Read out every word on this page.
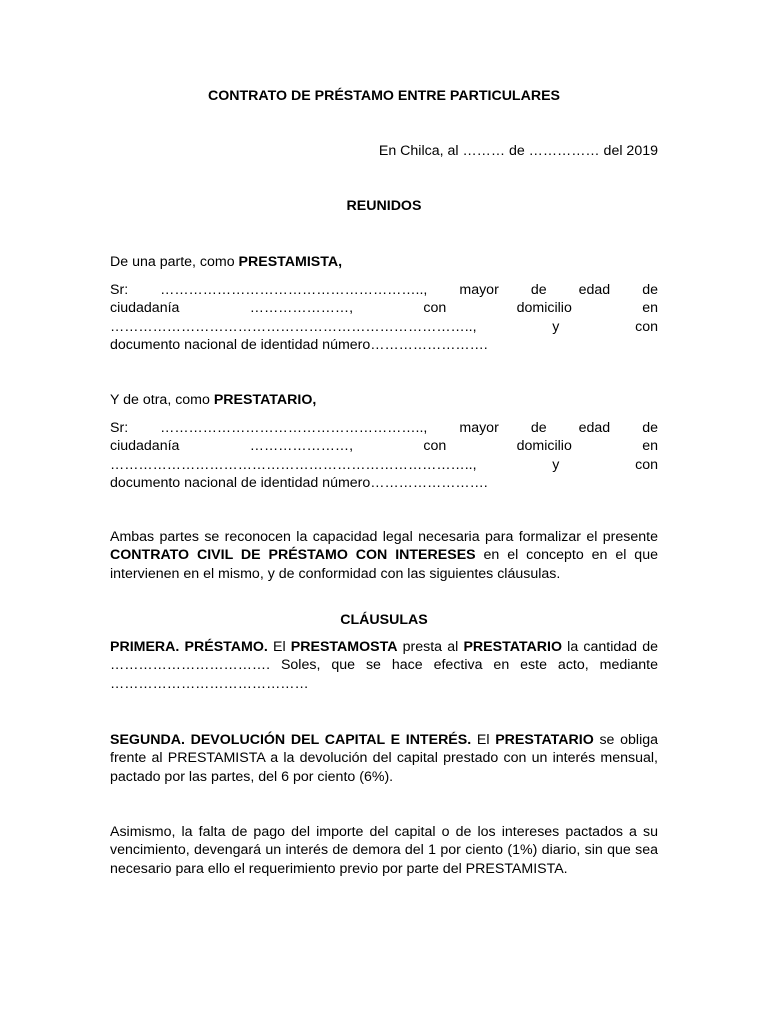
CONTRATO DE PRÉSTAMO ENTRE PARTICULARES
En Chilca, al ……… de …………… del 2019
REUNIDOS
De una parte, como PRESTAMISTA,
Sr: ……………………………………………….., mayor de edad de
ciudadanía	…………………,	con	domicilio	en
…………………………………………………………………..,	y	con
documento nacional de identidad número…………………….
Y de otra, como PRESTATARIO,
Sr: ……………………………………………….., mayor de edad de
ciudadanía	…………………,	con	domicilio	en
…………………………………………………………………..,	y	con
documento nacional de identidad número…………………….
Ambas partes se reconocen la capacidad legal necesaria para formalizar el presente CONTRATO CIVIL DE PRÉSTAMO CON INTERESES en el concepto en el que intervienen en el mismo, y de conformidad con las siguientes cláusulas.
CLÁUSULAS
PRIMERA. PRÉSTAMO. El PRESTAMOSTA presta al PRESTATARIO la cantidad de ……………………………. Soles, que se hace efectiva en este acto, mediante ……………………………………
SEGUNDA. DEVOLUCIÓN DEL CAPITAL E INTERÉS. El PRESTATARIO se obliga frente al PRESTAMISTA a la devolución del capital prestado con un interés mensual, pactado por las partes, del 6 por ciento (6%).
Asimismo, la falta de pago del importe del capital o de los intereses pactados a su vencimiento, devengará un interés de demora del 1 por ciento (1%) diario, sin que sea necesario para ello el requerimiento previo por parte del PRESTAMISTA.
